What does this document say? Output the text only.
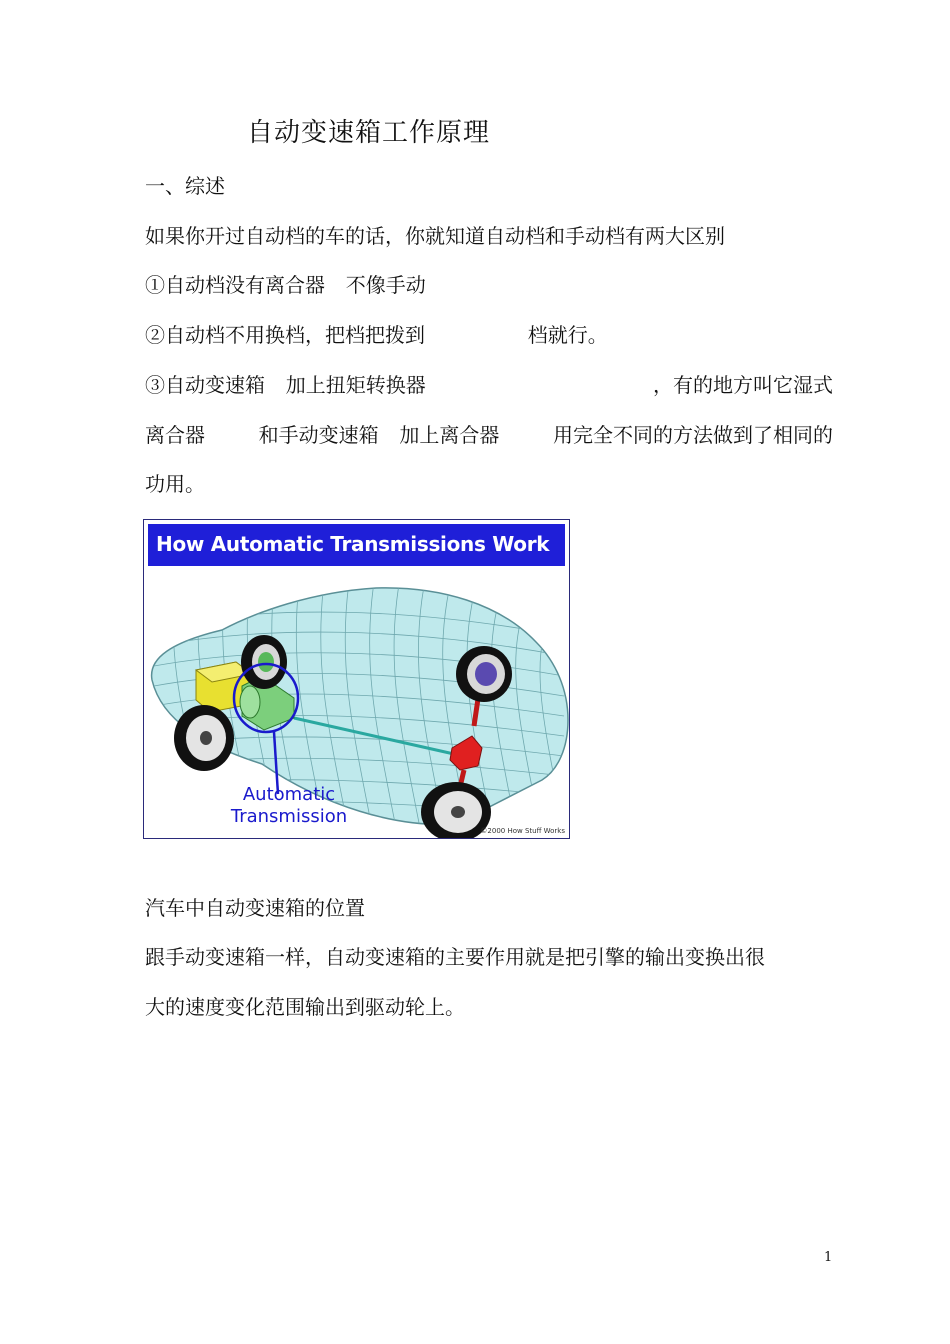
自动变速箱工作原理
一、综述
如果你开过自动档的车的话，你就知道自动档和手动档有两大区别
①自动档没有离合器 不像手动
②自动档不用换档，把档把拨到	档就行。
③自动变速箱 加上扭矩转换器	，有的地方叫它湿式
离合器	和手动变速箱 加上离合器	用完全不同的方法做到了相同的
功用。
How Automatic Transmissions Work
Automatic
Transmission
©2000 How Stuff Works
汽车中自动变速箱的位置
跟手动变速箱一样，自动变速箱的主要作用就是把引擎的输出变换出很
大的速度变化范围输出到驱动轮上。
1
